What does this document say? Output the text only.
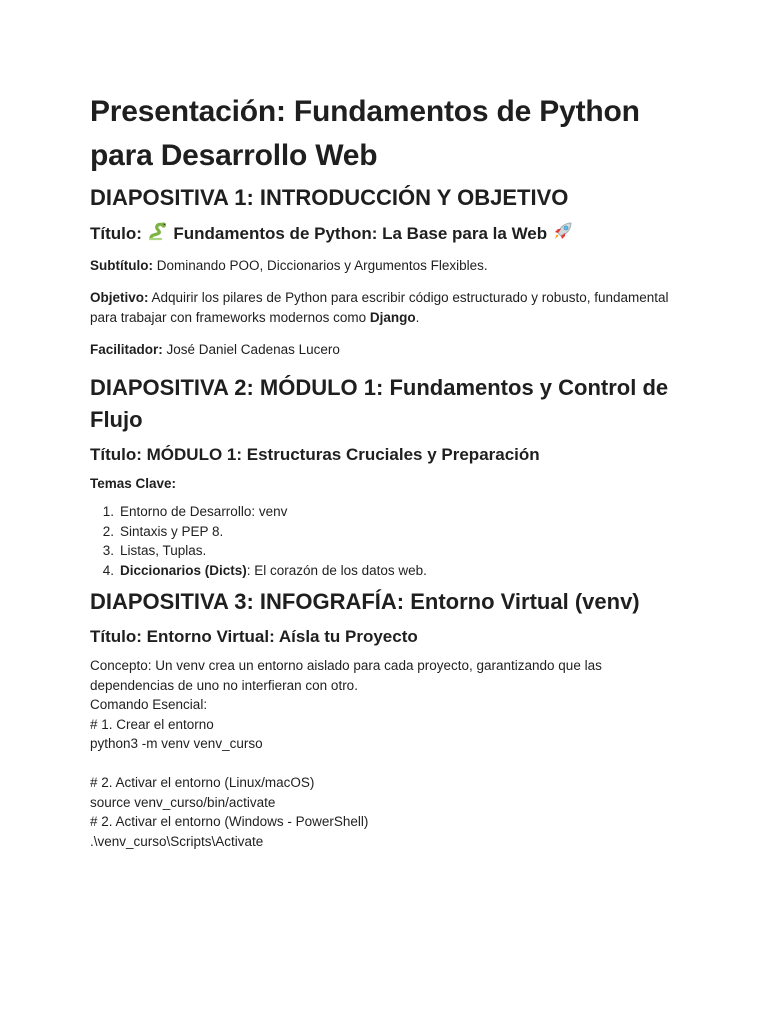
Presentación: Fundamentos de Python
para Desarrollo Web
DIAPOSITIVA 1: INTRODUCCIÓN Y OBJETIVO
Título: Fundamentos de Python: La Base para la Web

Subtítulo: Dominando POO, Diccionarios y Argumentos Flexibles.

Objetivo: Adquirir los pilares de Python para escribir código estructurado y robusto, fundamental para trabajar con frameworks modernos como Django.

Facilitador: José Daniel Cadenas Lucero

DIAPOSITIVA 2: MÓDULO 1: Fundamentos y Control de
Flujo
Título: MÓDULO 1: Estructuras Cruciales y Preparación

Temas Clave:

1. Entorno de Desarrollo: venv
2. Sintaxis y PEP 8.
3. Listas, Tuplas.
4. Diccionarios (Dicts): El corazón de los datos web.
DIAPOSITIVA 3: INFOGRAFÍA: Entorno Virtual (venv)
Título: Entorno Virtual: Aísla tu Proyecto
Concepto: Un venv crea un entorno aislado para cada proyecto, garantizando que las
dependencias de uno no interfieran con otro.
Comando Esencial:
# 1. Crear el entorno
python3 -m venv venv_curso
# 2. Activar el entorno (Linux/macOS)
source venv_curso/bin/activate
# 2. Activar el entorno (Windows - PowerShell)
.\venv_curso\Scripts\Activate
